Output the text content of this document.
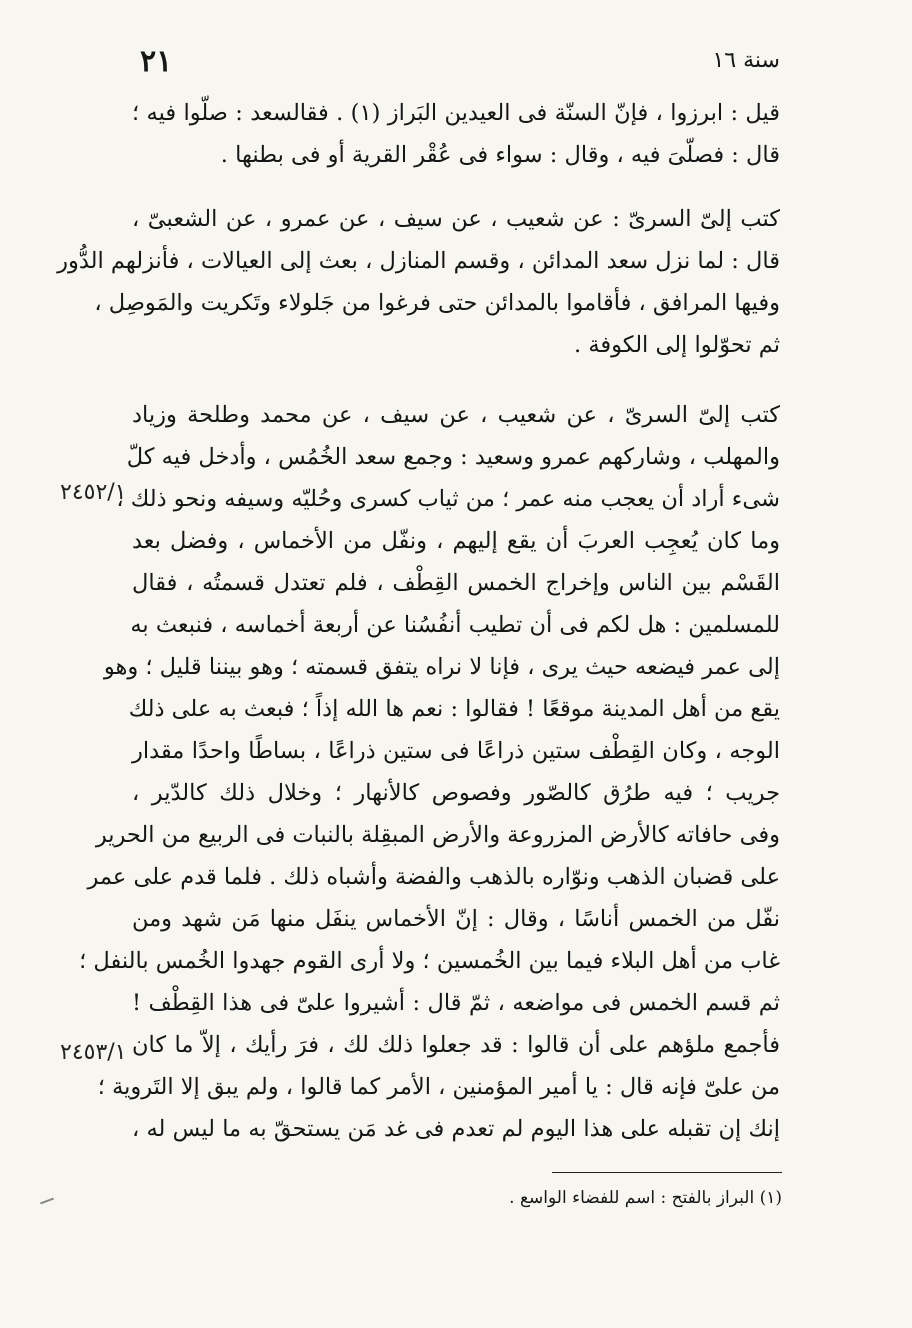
سنة ١٦
٢١

قيل : ابرزوا ، فإنّ السنّة فى العيدين البَراز (١) . فقالسعد : صلّوا فيه ؛

قال : فصلّىَ فيه ، وقال : سواء فى عُقْر القرية أو فى بطنها .

كتب إلىّ السرىّ : عن شعيب ، عن سيف ، عن عمرو ، عن الشعبىّ ،

قال : لما نزل سعد المدائن ، وقسم المنازل ، بعث إلى العيالات ، فأنزلهم الدُّور

وفيها المرافق ، فأقاموا بالمدائن حتى فرغوا من جَلولاء وتَكريت والمَوصِل ،

ثم تحوّلوا إلى الكوفة .

كتب إلىّ السرىّ ، عن شعيب ، عن سيف ، عن محمد وطلحة وزياد

والمهلب ، وشاركهم عمرو وسعيد : وجمع سعد الخُمُس ، وأدخل فيه كلّ

شىء أراد أن يعجب منه عمر ؛ من ثياب كسرى وحُليّه وسيفه ونحو ذلك ،

وما كان يُعجِب العربَ أن يقع إليهم ، ونفّل من الأخماس ، وفضل بعد

القَسْم بين الناس وإخراج الخمس القِطْف ، فلم تعتدل قسمتُه ، فقال

للمسلمين : هل لكم فى أن تطيب أنفُسُنا عن أربعة أخماسه ، فنبعث به

إلى عمر فيضعه حيث يرى ، فإنا لا نراه يتفق قسمته ؛ وهو بيننا قليل ؛ وهو

يقع من أهل المدينة موقعًا ! فقالوا : نعم ها الله إذاً ؛ فبعث به على ذلك

الوجه ، وكان القِطْف ستين ذراعًا فى ستين ذراعًا ، بساطًا واحدًا مقدار

جريب ؛ فيه طرُق كالصّور وفصوص كالأنهار ؛ وخلال ذلك كالدّير ،

وفى حافاته كالأرض المزروعة والأرض المبقِلة بالنبات فى الربيع من الحرير

على قضبان الذهب ونوّاره بالذهب والفضة وأشباه ذلك . فلما قدم على عمر

نفّل من الخمس أناسًا ، وقال : إنّ الأخماس ينفَل منها مَن شهد ومن

غاب من أهل البلاء فيما بين الخُمسين ؛ ولا أرى القوم جهدوا الخُمس بالنفل ؛

ثم قسم الخمس فى مواضعه ، ثمّ قال : أشيروا علىّ فى هذا القِطْف !

فأجمع ملؤهم على أن قالوا : قد جعلوا ذلك لك ، فرَ رأيك ، إلاّ ما كان

من علىّ فإنه قال : يا أمير المؤمنين ، الأمر كما قالوا ، ولم يبق إلا التَروية ؛

إنك إن تقبله على هذا اليوم لم تعدم فى غد مَن يستحقّ به ما ليس له ،

٢٤٥٢/١
٢٤٥٣/١
(١) البراز بالفتح : اسم للفضاء الواسع .
